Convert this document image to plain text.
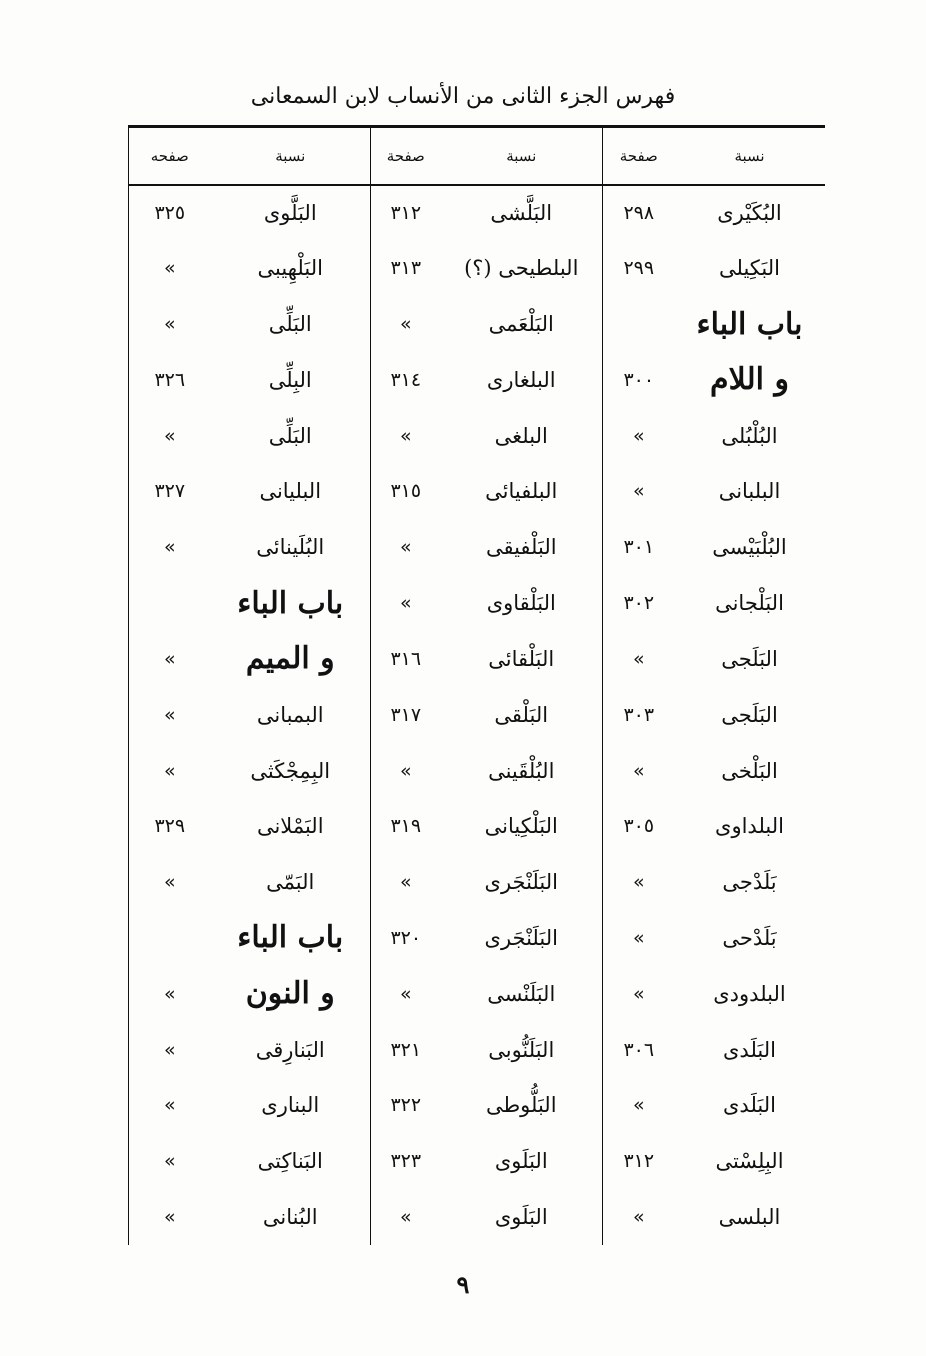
فهرس الجزء الثانى من الأنساب لابن السمعانى
نسبة	صفحة	نسبة	صفحة	نسبة	صفحه
البُكَيْرى	٢٩٨	البَلَّشى	٣١٢	البَلَّوى	٣٢٥
البَكِيلى	٢٩٩	البلطيحى (؟)	٣١٣	البَلْهِيبى	»
باب الباء		البَلْعَمى	»	البَلِّى	»
و اللام	٣٠٠	البلغارى	٣١٤	البِلِّى	٣٢٦
البُلْبُلى	»	البلغى	»	البَلِّى	»
البلبانى	»	البلفيائى	٣١٥	البليانى	٣٢٧
البُلْبَيْسى	٣٠١	البَلْفيقى	»	البُلَينائى	»
البَلْجانى	٣٠٢	البَلْقاوى	»	باب الباء	
البَلَجى	»	البَلْقائى	٣١٦	و الميم	»
البَلَجى	٣٠٣	البَلْقى	٣١٧	البمبانى	»
البَلْخى	»	البُلْقَينى	»	البِمِجْكَثى	»
البلداوى	٣٠٥	البَلْكِيانى	٣١٩	البَمْلانى	٣٢٩
بَلَدْجى	»	البَلَنْجَرى	»	البَمّى	»
بَلَدْحى	»	البَلَنْجَرى	٣٢٠	باب الباء	
البلدودى	»	البَلَنْسى	»	و النون	»
البَلَدى	٣٠٦	البَلَنُّوبى	٣٢١	البَنارِقى	»
البَلَدى	»	البَلُّوطى	٣٢٢	البنارى	»
البِلِسْتى	٣١٢	البَلَوى	٣٢٣	البَناكِتى	»
البلسى	»	البَلَوى	»	البُنانى	»
٩
